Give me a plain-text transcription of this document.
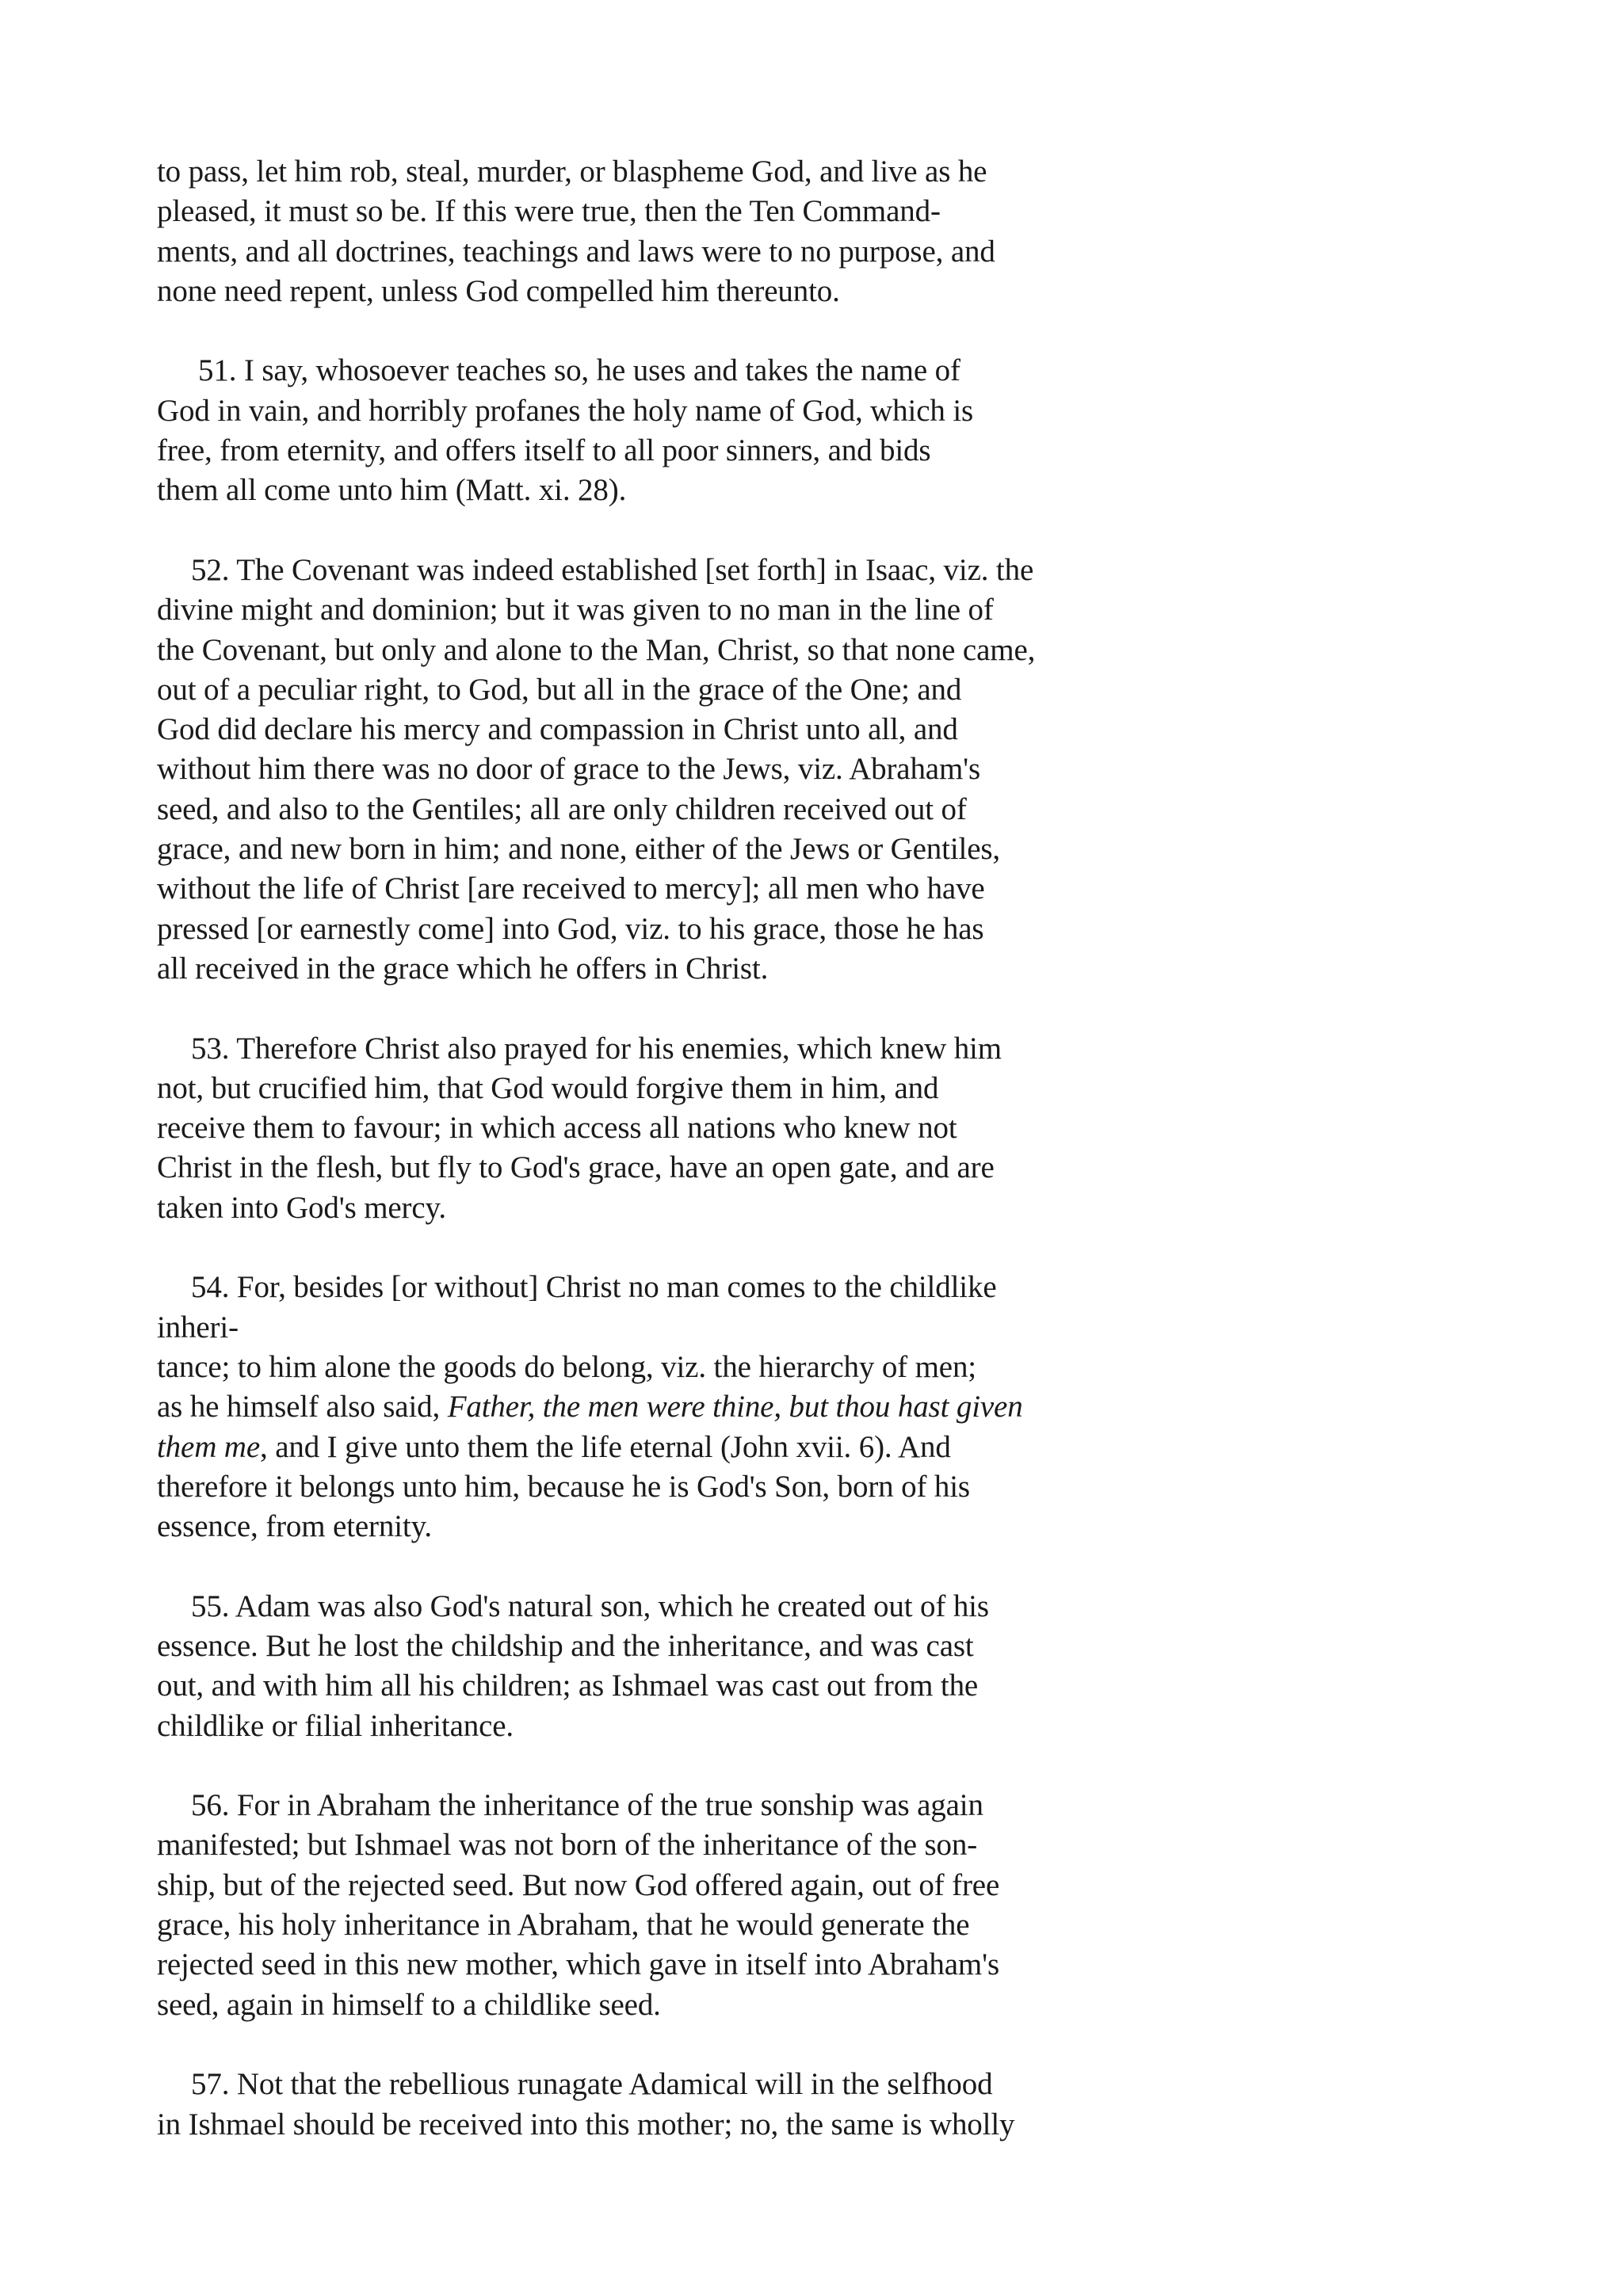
to pass, let him rob, steal, murder, or blaspheme God, and live as he
pleased, it must so be. If this were true, then the Ten Command-
ments, and all doctrines, teachings and laws were to no purpose, and
none need repent, unless God compelled him thereunto.
51. I say, whosoever teaches so, he uses and takes the name of
God in vain, and horribly profanes the holy name of God, which is
free, from eternity, and offers itself to all poor sinners, and bids
them all come unto him (Matt. xi. 28).
52. The Covenant was indeed established [set forth] in Isaac, viz. the
divine might and dominion; but it was given to no man in the line of
the Covenant, but only and alone to the Man, Christ, so that none came,
out of a peculiar right, to God, but all in the grace of the One; and
God did declare his mercy and compassion in Christ unto all, and
without him there was no door of grace to the Jews, viz. Abraham's
seed, and also to the Gentiles; all are only children received out of
grace, and new born in him; and none, either of the Jews or Gentiles,
without the life of Christ [are received to mercy]; all men who have
pressed [or earnestly come] into God, viz. to his grace, those he has
all received in the grace which he offers in Christ.
53. Therefore Christ also prayed for his enemies, which knew him
not, but crucified him, that God would forgive them in him, and
receive them to favour; in which access all nations who knew not
Christ in the flesh, but fly to God's grace, have an open gate, and are
taken into God's mercy.
54. For, besides [or without] Christ no man comes to the childlike
inheri-
tance; to him alone the goods do belong, viz. the hierarchy of men;
as he himself also said, Father, the men were thine, but thou hast given
them me, and I give unto them the life eternal (John xvii. 6). And
therefore it belongs unto him, because he is God's Son, born of his
essence, from eternity.
55. Adam was also God's natural son, which he created out of his
essence. But he lost the childship and the inheritance, and was cast
out, and with him all his children; as Ishmael was cast out from the
childlike or filial inheritance.
56. For in Abraham the inheritance of the true sonship was again
manifested; but Ishmael was not born of the inheritance of the son-
ship, but of the rejected seed. But now God offered again, out of free
grace, his holy inheritance in Abraham, that he would generate the
rejected seed in this new mother, which gave in itself into Abraham's
seed, again in himself to a childlike seed.
57. Not that the rebellious runagate Adamical will in the selfhood
in Ishmael should be received into this mother; no, the same is wholly
